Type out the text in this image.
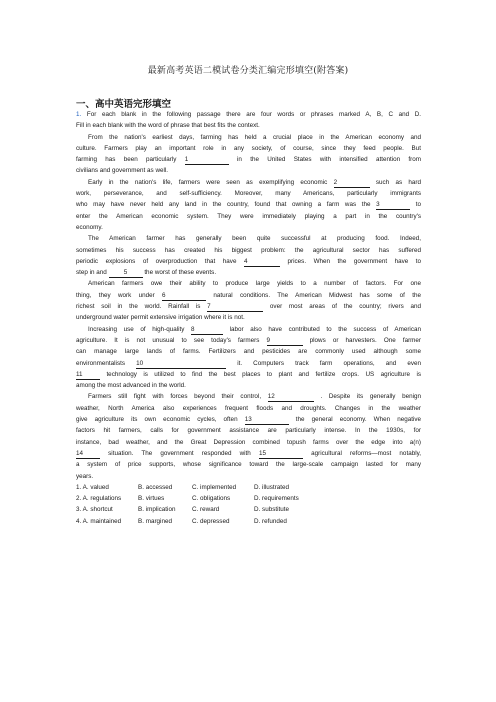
最新高考英语二模试卷分类汇编完形填空(附答案)
一、高中英语完形填空
1. For each blank in the following passage there are four words or phrases marked A, B, C and D.
Fill in each blank with the word of phrase that best fits the context.
From the nation's earliest days, farming has held a crucial place in the American economy and
culture. Farmers play an important role in any society, of course, since they feed people. But
farming has been particularly 1	in the United States with intensified attention from
civilians and government as well.
Early in the nation's life, farmers were seen as exemplifying economic 2	such as hard
work, perseverance, and self-sufficiency. Moreover, many Americans, particularly immigrants
who may have never held any land in the country, found that owning a farm was the 3	to
enter the American economic system. They were immediately playing a part in the country's
economy.
The American farmer has generally been quite successful at producing food. Indeed,
sometimes his success has created his biggest problem: the agricultural sector has suffered
periodic explosions of overproduction that have 4	prices. When the government have to
step in and	5	the worst of these events.
American farmers owe their ability to produce large yields to a number of factors. For one
thing, they work under 6	natural conditions. The American Midwest has some of the
richest soil in the world. Rainfall is 7	over most areas of the country; rivers and
underground water permit extensive irrigation where it is not.
Increasing use of high-quality 8	labor also have contributed to the success of American
agriculture. It is not unusual to see today's farmers 9	plows or harvesters. One farmer
can manage large lands of farms. Fertilizers and pesticides are commonly used although some
environmentalists 10	it. Computers track farm operations, and even
11	technology is utilized to find the best places to plant and fertilize crops. US agriculture is
among the most advanced in the world.
Farmers still fight with forces beyond their control, 12	. Despite its generally benign
weather, North America also experiences frequent floods and droughts. Changes in the weather
give agriculture its own economic cycles, often 13	the general economy. When negative
factors hit farmers, calls for government assistance are particularly intense. In the 1930s, for
instance, bad weather, and the Great Depression combined topush farms over the edge into a(n)
14	situation. The government responded with 15	agricultural reforms—most notably,
a system of price supports, whose significance toward the large-scale campaign lasted for many
years.
1. A. valued	B. accessed	C. implemented	D. illustrated
2. A. regulations	B. virtues	C. obligations	D. requirements
3. A. shortcut	B. implication	C. reward	D. substitute
4. A. maintained	B. margined	C. depressed	D. refunded
